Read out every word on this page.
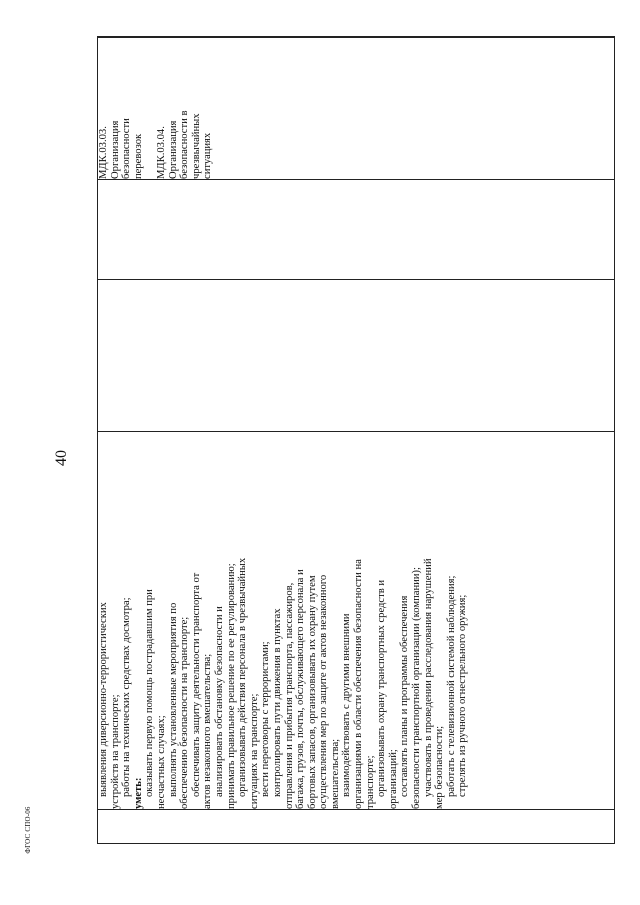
40
ФГОС СПО-06

выявления диверсионно-террористических устройств на транспорте; работы на технических средствах досмотра; уметь: оказывать первую помощь пострадавшим при несчастных случаях; выполнять установленные мероприятия по обеспечению безопасности на транспорте; обеспечивать защиту деятельности транспорта от актов незаконного вмешательства; анализировать обстановку безопасности и принимать правильное решение по ее регулированию; организовывать действия персонала в чрезвычайных ситуациях на транспорте; вести переговоры с террористами; контролировать пути движения в пунктах отправления и прибытия транспорта, пассажиров, багажа, грузов, почты, обслуживающего персонала и бортовых запасов, организовывать их охрану путем осуществления мер по защите от актов незаконного вмешательства; взаимодействовать с другими внешними организациями в области обеспечения безопасности на транспорте; организовывать охрану транспортных средств и организаций; составлять планы и программы обеспечения безопасности транспортной организации (компании); участвовать в проведении расследования нарушений мер безопасности; работать с телевизионной системой наблюдения; стрелять из ручного огнестрельного оружия;

МДК.03.03. Организация безопасности перевозок МДК.03.04. Организация безопасности в чрезвычайных ситуациях
